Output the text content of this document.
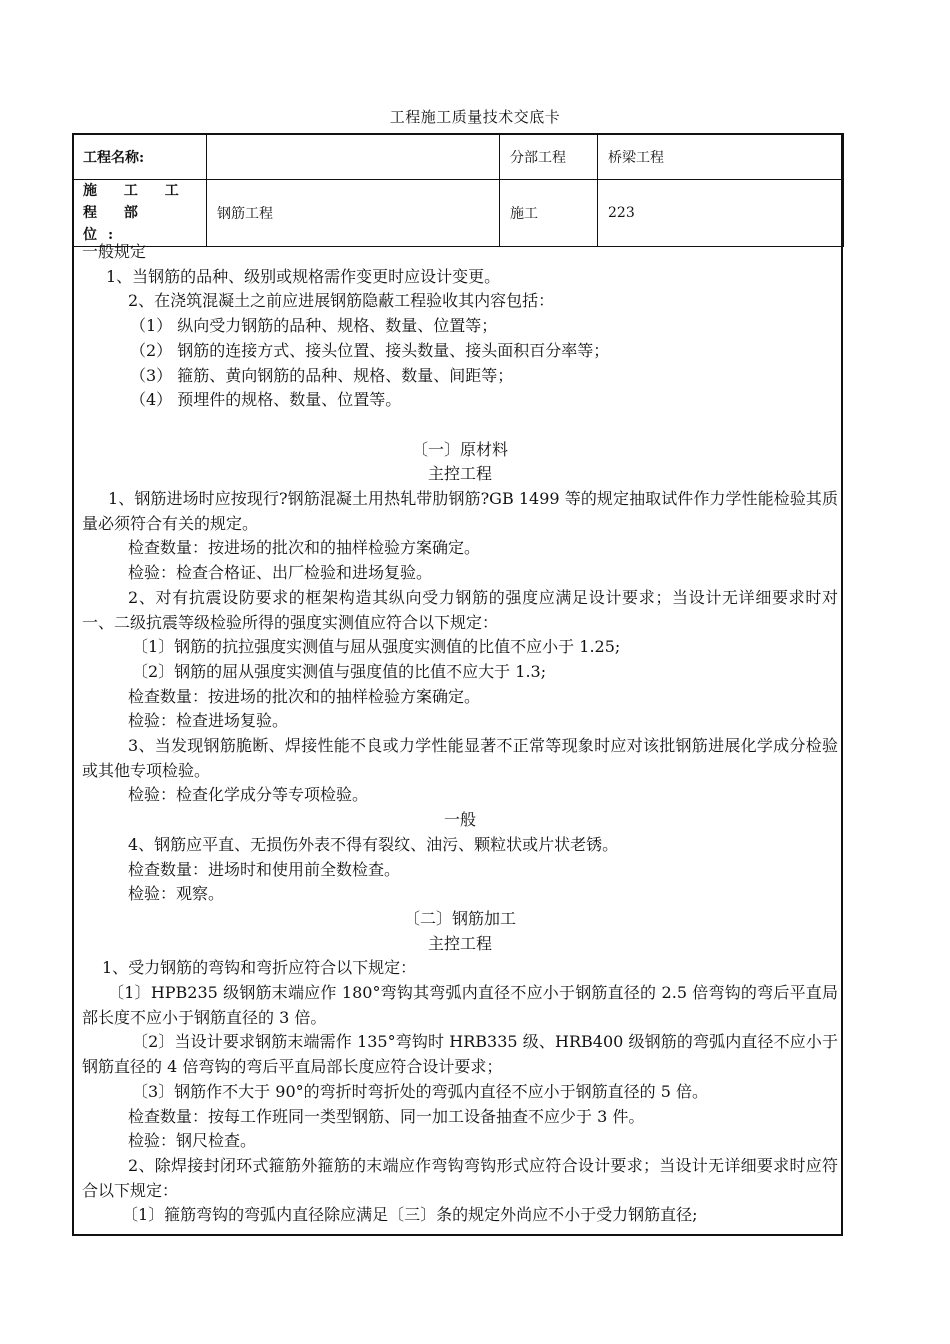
工程施工质量技术交底卡
工程名称:		分部工程	桥梁工程
施 工 工 程 部 位:	钢筋工程	施工	223

一般规定

1、当钢筋的品种、级别或规格需作变更时应设计变更。

2、在浇筑混凝土之前应进展钢筋隐蔽工程验收其内容包括：

（1） 纵向受力钢筋的品种、规格、数量、位置等；

（2） 钢筋的连接方式、接头位置、接头数量、接头面积百分率等；

（3） 箍筋、黄向钢筋的品种、规格、数量、间距等；

（4） 预埋件的规格、数量、位置等。

〔一〕原材料

主控工程

1、钢筋进场时应按现行?钢筋混凝土用热轧带肋钢筋?GB 1499 等的规定抽取试件作力学性能检验其质量必须符合有关的规定。

检查数量：按进场的批次和的抽样检验方案确定。

检验：检查合格证、出厂检验和进场复验。

2、对有抗震设防要求的框架构造其纵向受力钢筋的强度应满足设计要求；当设计无详细要求时对一、二级抗震等级检验所得的强度实测值应符合以下规定：

〔1〕钢筋的抗拉强度实测值与屈从强度实测值的比值不应小于 1.25;

〔2〕钢筋的屈从强度实测值与强度值的比值不应大于 1.3;

检查数量：按进场的批次和的抽样检验方案确定。

检验：检查进场复验。

3、当发现钢筋脆断、焊接性能不良或力学性能显著不正常等现象时应对该批钢筋进展化学成分检验或其他专项检验。

检验：检查化学成分等专项检验。

一般

4、钢筋应平直、无损伤外表不得有裂纹、油污、颗粒状或片状老锈。

检查数量：进场时和使用前全数检查。

检验：观察。

〔二〕钢筋加工

主控工程

1、受力钢筋的弯钩和弯折应符合以下规定：

〔1〕HPB235 级钢筋末端应作 180°弯钩其弯弧内直径不应小于钢筋直径的 2.5 倍弯钩的弯后平直局部长度不应小于钢筋直径的 3 倍。

〔2〕当设计要求钢筋末端需作 135°弯钩时 HRB335 级、HRB400 级钢筋的弯弧内直径不应小于钢筋直径的 4 倍弯钩的弯后平直局部长度应符合设计要求；

〔3〕钢筋作不大于 90°的弯折时弯折处的弯弧内直径不应小于钢筋直径的 5 倍。

检查数量：按每工作班同一类型钢筋、同一加工设备抽查不应少于 3 件。

检验：钢尺检查。

2、除焊接封闭环式箍筋外箍筋的末端应作弯钩弯钩形式应符合设计要求；当设计无详细要求时应符合以下规定：

〔1〕箍筋弯钩的弯弧内直径除应满足〔三〕条的规定外尚应不小于受力钢筋直径;
